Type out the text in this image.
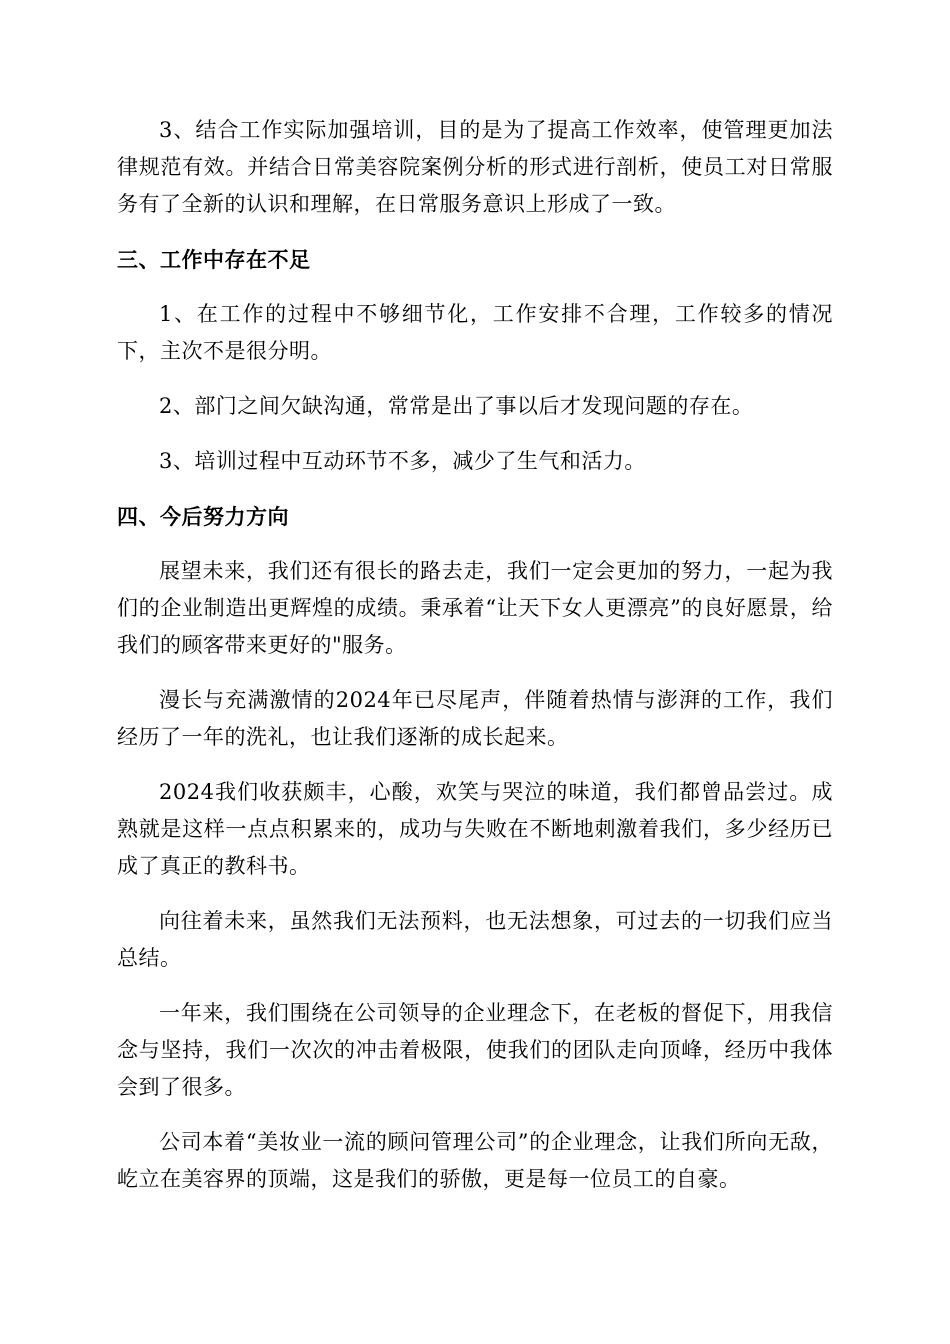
3、结合工作实际加强培训，目的是为了提高工作效率，使管理更加法律规范有效。并结合日常美容院案例分析的形式进行剖析，使员工对日常服务有了全新的认识和理解，在日常服务意识上形成了一致。

三、工作中存在不足

1、在工作的过程中不够细节化，工作安排不合理，工作较多的情况下，主次不是很分明。

2、部门之间欠缺沟通，常常是出了事以后才发现问题的存在。

3、培训过程中互动环节不多，减少了生气和活力。

四、今后努力方向

展望未来，我们还有很长的路去走，我们一定会更加的努力，一起为我们的企业制造出更辉煌的成绩。秉承着“让天下女人更漂亮”的良好愿景，给我们的顾客带来更好的"服务。

漫长与充满激情的2024年已尽尾声，伴随着热情与澎湃的工作，我们经历了一年的洗礼，也让我们逐渐的成长起来。

2024我们收获颇丰，心酸，欢笑与哭泣的味道，我们都曾品尝过。成熟就是这样一点点积累来的，成功与失败在不断地刺激着我们，多少经历已成了真正的教科书。

向往着未来，虽然我们无法预料，也无法想象，可过去的一切我们应当总结。

一年来，我们围绕在公司领导的企业理念下，在老板的督促下，用我信念与坚持，我们一次次的冲击着极限，使我们的团队走向顶峰，经历中我体会到了很多。

公司本着“美妆业一流的顾问管理公司”的企业理念，让我们所向无敌，屹立在美容界的顶端，这是我们的骄傲，更是每一位员工的自豪。
